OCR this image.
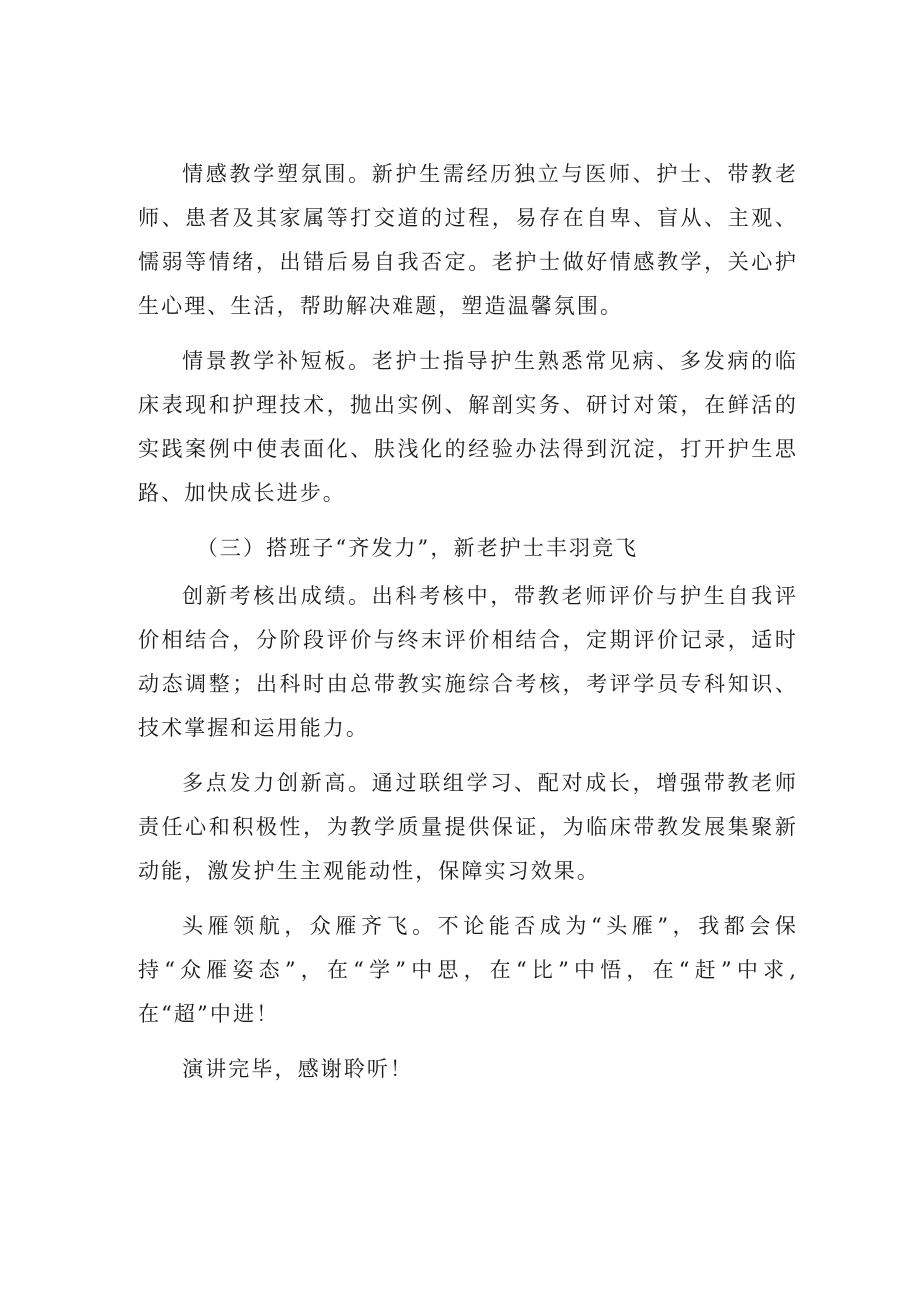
情感教学塑氛围。新护生需经历独立与医师、护士、带教老师、患者及其家属等打交道的过程，易存在自卑、盲从、主观、懦弱等情绪，出错后易自我否定。老护士做好情感教学，关心护生心理、生活，帮助解决难题，塑造温馨氛围。

情景教学补短板。老护士指导护生熟悉常见病、多发病的临床表现和护理技术，抛出实例、解剖实务、研讨对策，在鲜活的实践案例中使表面化、肤浅化的经验办法得到沉淀，打开护生思路、加快成长进步。

（三）搭班子“齐发力”，新老护士丰羽竞飞

创新考核出成绩。出科考核中，带教老师评价与护生自我评价相结合，分阶段评价与终末评价相结合，定期评价记录，适时动态调整；出科时由总带教实施综合考核，考评学员专科知识、技术掌握和运用能力。

多点发力创新高。通过联组学习、配对成长，增强带教老师责任心和积极性，为教学质量提供保证，为临床带教发展集聚新动能，激发护生主观能动性，保障实习效果。

头雁领航，众雁齐飞。不论能否成为“头雁”，我都会保持“众雁姿态”，在“学”中思，在“比”中悟，在“赶”中求,在“超”中进！

演讲完毕，感谢聆听！
